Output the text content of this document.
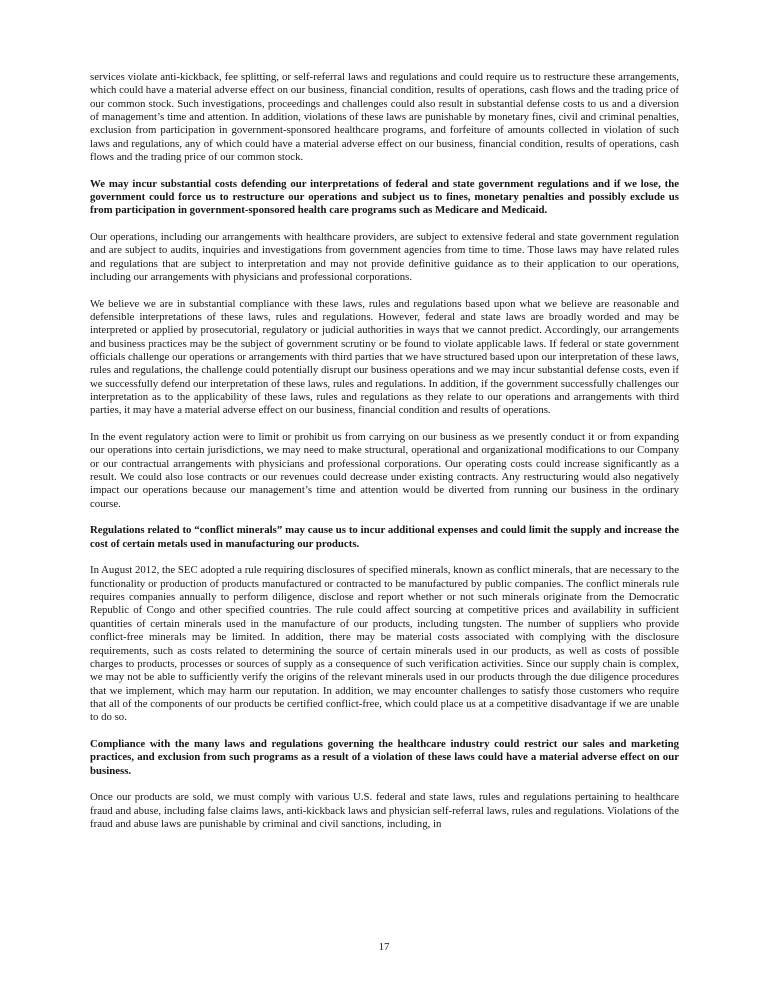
services violate anti-kickback, fee splitting, or self-referral laws and regulations and could require us to restructure these arrangements, which could have a material adverse effect on our business, financial condition, results of operations, cash flows and the trading price of our common stock. Such investigations, proceedings and challenges could also result in substantial defense costs to us and a diversion of management’s time and attention. In addition, violations of these laws are punishable by monetary fines, civil and criminal penalties, exclusion from participation in government-sponsored healthcare programs, and forfeiture of amounts collected in violation of such laws and regulations, any of which could have a material adverse effect on our business, financial condition, results of operations, cash flows and the trading price of our common stock.

We may incur substantial costs defending our interpretations of federal and state government regulations and if we lose, the government could force us to restructure our operations and subject us to fines, monetary penalties and possibly exclude us from participation in government-sponsored health care programs such as Medicare and Medicaid.

Our operations, including our arrangements with healthcare providers, are subject to extensive federal and state government regulation and are subject to audits, inquiries and investigations from government agencies from time to time. Those laws may have related rules and regulations that are subject to interpretation and may not provide definitive guidance as to their application to our operations, including our arrangements with physicians and professional corporations.

We believe we are in substantial compliance with these laws, rules and regulations based upon what we believe are reasonable and defensible interpretations of these laws, rules and regulations. However, federal and state laws are broadly worded and may be interpreted or applied by prosecutorial, regulatory or judicial authorities in ways that we cannot predict. Accordingly, our arrangements and business practices may be the subject of government scrutiny or be found to violate applicable laws. If federal or state government officials challenge our operations or arrangements with third parties that we have structured based upon our interpretation of these laws, rules and regulations, the challenge could potentially disrupt our business operations and we may incur substantial defense costs, even if we successfully defend our interpretation of these laws, rules and regulations. In addition, if the government successfully challenges our interpretation as to the applicability of these laws, rules and regulations as they relate to our operations and arrangements with third parties, it may have a material adverse effect on our business, financial condition and results of operations.

In the event regulatory action were to limit or prohibit us from carrying on our business as we presently conduct it or from expanding our operations into certain jurisdictions, we may need to make structural, operational and organizational modifications to our Company or our contractual arrangements with physicians and professional corporations. Our operating costs could increase significantly as a result. We could also lose contracts or our revenues could decrease under existing contracts. Any restructuring would also negatively impact our operations because our management’s time and attention would be diverted from running our business in the ordinary course.

Regulations related to “conflict minerals” may cause us to incur additional expenses and could limit the supply and increase the cost of certain metals used in manufacturing our products.

In August 2012, the SEC adopted a rule requiring disclosures of specified minerals, known as conflict minerals, that are necessary to the functionality or production of products manufactured or contracted to be manufactured by public companies. The conflict minerals rule requires companies annually to perform diligence, disclose and report whether or not such minerals originate from the Democratic Republic of Congo and other specified countries. The rule could affect sourcing at competitive prices and availability in sufficient quantities of certain minerals used in the manufacture of our products, including tungsten. The number of suppliers who provide conflict-free minerals may be limited. In addition, there may be material costs associated with complying with the disclosure requirements, such as costs related to determining the source of certain minerals used in our products, as well as costs of possible charges to products, processes or sources of supply as a consequence of such verification activities. Since our supply chain is complex, we may not be able to sufficiently verify the origins of the relevant minerals used in our products through the due diligence procedures that we implement, which may harm our reputation. In addition, we may encounter challenges to satisfy those customers who require that all of the components of our products be certified conflict-free, which could place us at a competitive disadvantage if we are unable to do so.

Compliance with the many laws and regulations governing the healthcare industry could restrict our sales and marketing practices, and exclusion from such programs as a result of a violation of these laws could have a material adverse effect on our business.

Once our products are sold, we must comply with various U.S. federal and state laws, rules and regulations pertaining to healthcare fraud and abuse, including false claims laws, anti-kickback laws and physician self-referral laws, rules and regulations. Violations of the fraud and abuse laws are punishable by criminal and civil sanctions, including, in

17
